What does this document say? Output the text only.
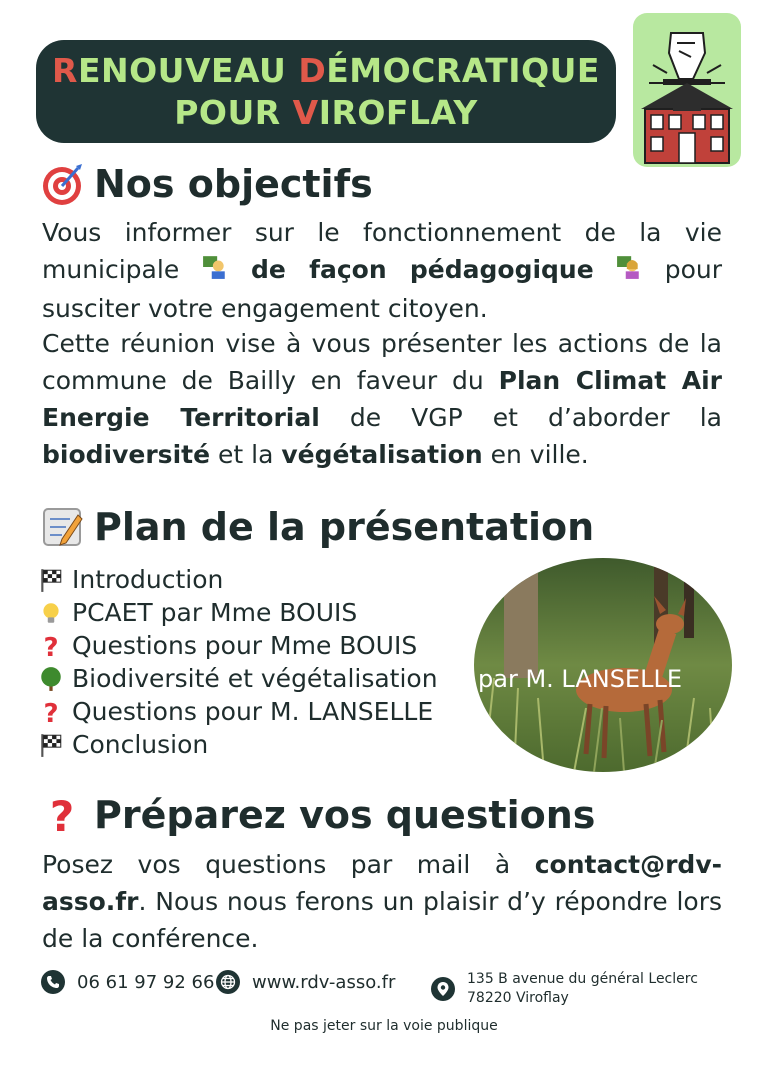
RENOUVEAU DÉMOCRATIQUE
POUR VIROFLAY
Nos objectifs
Vous informer sur le fonctionnement de la vie municipale  de façon pédagogique  pour susciter votre engagement citoyen.
Cette réunion vise à vous présenter les actions de la commune de Bailly en faveur du Plan Climat Air Energie Territorial de VGP et d’aborder la biodiversité et la végétalisation en ville.
Plan de la présentation
Introduction
PCAET par Mme BOUIS
? Questions pour Mme BOUIS
Biodiversité et végétalisation
? Questions pour M. LANSELLE
Conclusion
par M. LANSELLE
? Préparez vos questions
Posez vos questions par mail à contact@rdv-asso.fr. Nous nous ferons un plaisir d’y répondre lors de la conférence.
06 61 97 92 66 www.rdv-asso.fr	135 B avenue du général Leclerc
78220 Viroflay
Ne pas jeter sur la voie publique
